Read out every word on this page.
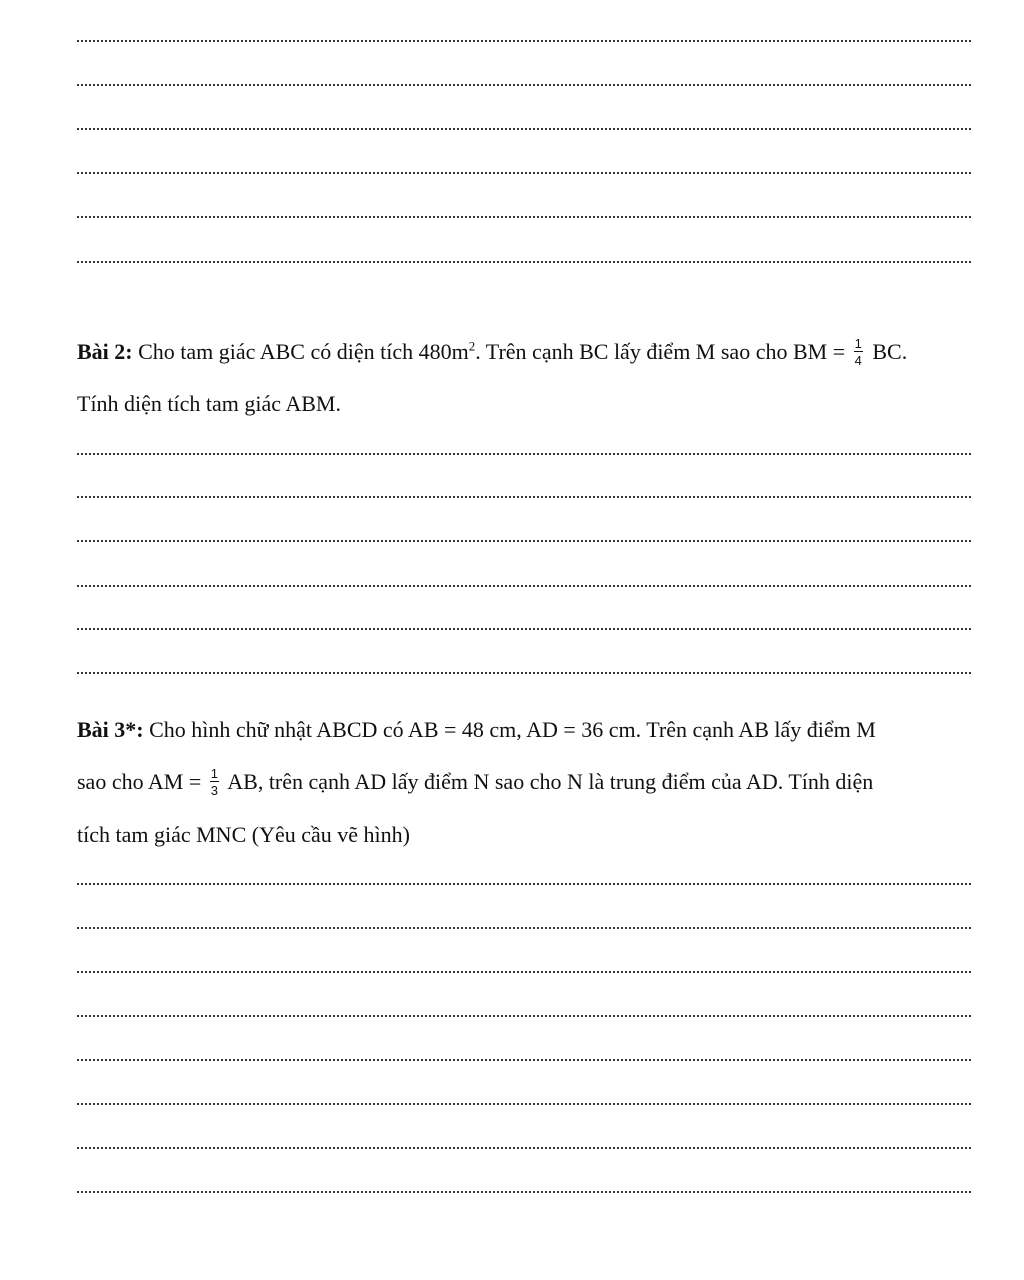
Bài 2: Cho tam giác ABC có diện tích $480m^2$. Trên cạnh BC lấy điểm M sao cho BM = $\frac{1}{4}$ BC.
Tính diện tích tam giác ABM.
Bài 3*: Cho hình chữ nhật ABCD có AB = 48 cm, AD = 36 cm. Trên cạnh AB lấy điểm M
sao cho AM = $\frac{1}{3}$ AB, trên cạnh AD lấy điểm N sao cho N là trung điểm của AD. Tính diện
tích tam giác MNC (Yêu cầu vẽ hình)
